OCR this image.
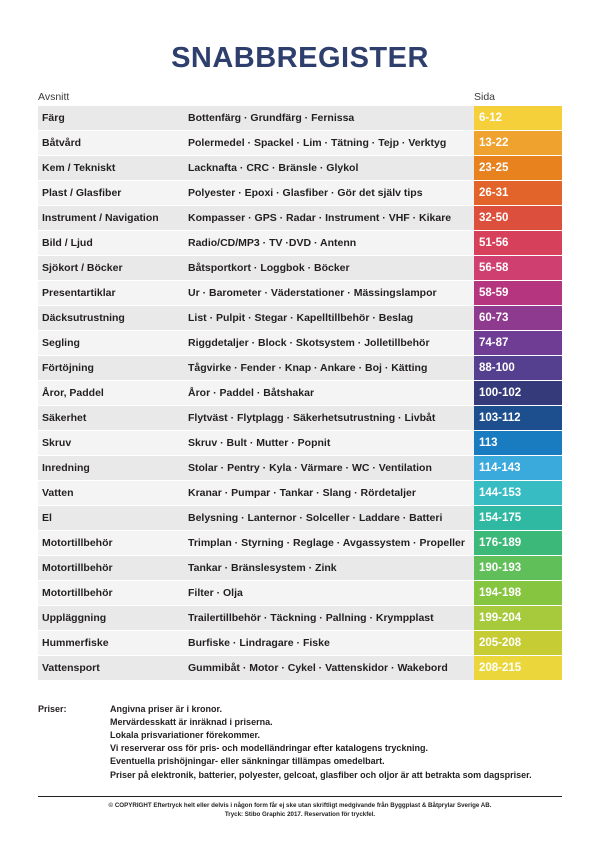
SNABBREGISTER
Avsnitt	Sida
Färg	Bottenfärg · Grundfärg · Fernissa	6-12
Båtvård	Polermedel · Spackel · Lim · Tätning · Tejp · Verktyg	13-22
Kem / Tekniskt	Lacknafta · CRC · Bränsle · Glykol	23-25
Plast / Glasfiber	Polyester · Epoxi · Glasfiber · Gör det själv tips	26-31
Instrument / Navigation	Kompasser · GPS · Radar · Instrument · VHF · Kikare	32-50
Bild / Ljud	Radio/CD/MP3 · TV ·DVD · Antenn	51-56
Sjökort / Böcker	Båtsportkort · Loggbok · Böcker	56-58
Presentartiklar	Ur · Barometer · Väderstationer · Mässingslampor	58-59
Däcksutrustning	List · Pulpit · Stegar · Kapelltillbehör · Beslag	60-73
Segling	Riggdetaljer · Block · Skotsystem · Jolletillbehör	74-87
Förtöjning	Tågvirke · Fender · Knap · Ankare · Boj · Kätting	88-100
Åror, Paddel	Åror · Paddel · Båtshakar	100-102
Säkerhet	Flytväst · Flytplagg · Säkerhetsutrustning · Livbåt	103-112
Skruv	Skruv · Bult · Mutter · Popnit	113
Inredning	Stolar · Pentry · Kyla · Värmare · WC · Ventilation	114-143
Vatten	Kranar · Pumpar · Tankar · Slang · Rördetaljer	144-153
El	Belysning · Lanternor · Solceller · Laddare · Batteri	154-175
Motortillbehör	Trimplan · Styrning · Reglage · Avgassystem · Propeller	176-189
Motortillbehör	Tankar · Bränslesystem · Zink	190-193
Motortillbehör	Filter · Olja	194-198
Uppläggning	Trailertillbehör · Täckning · Pallning · Krympplast	199-204
Hummerfiske	Burfiske · Lindragare · Fiske	205-208
Vattensport	Gummibåt · Motor · Cykel · Vattenskidor · Wakebord	208-215
Priser:	Angivna priser är i kronor.
Mervärdesskatt är inräknad i priserna.
Lokala prisvariationer förekommer.
Vi reserverar oss för pris- och modelländringar efter katalogens tryckning.
Eventuella prishöjningar- eller sänkningar tillämpas omedelbart.
Priser på elektronik, batterier, polyester, gelcoat, glasfiber och oljor är att betrakta som dagspriser.
© COPYRIGHT Eftertryck helt eller delvis i någon form får ej ske utan skriftligt medgivande från Byggplast & Båtprylar Sverige AB.
Tryck: Stibo Graphic 2017. Reservation för tryckfel.
